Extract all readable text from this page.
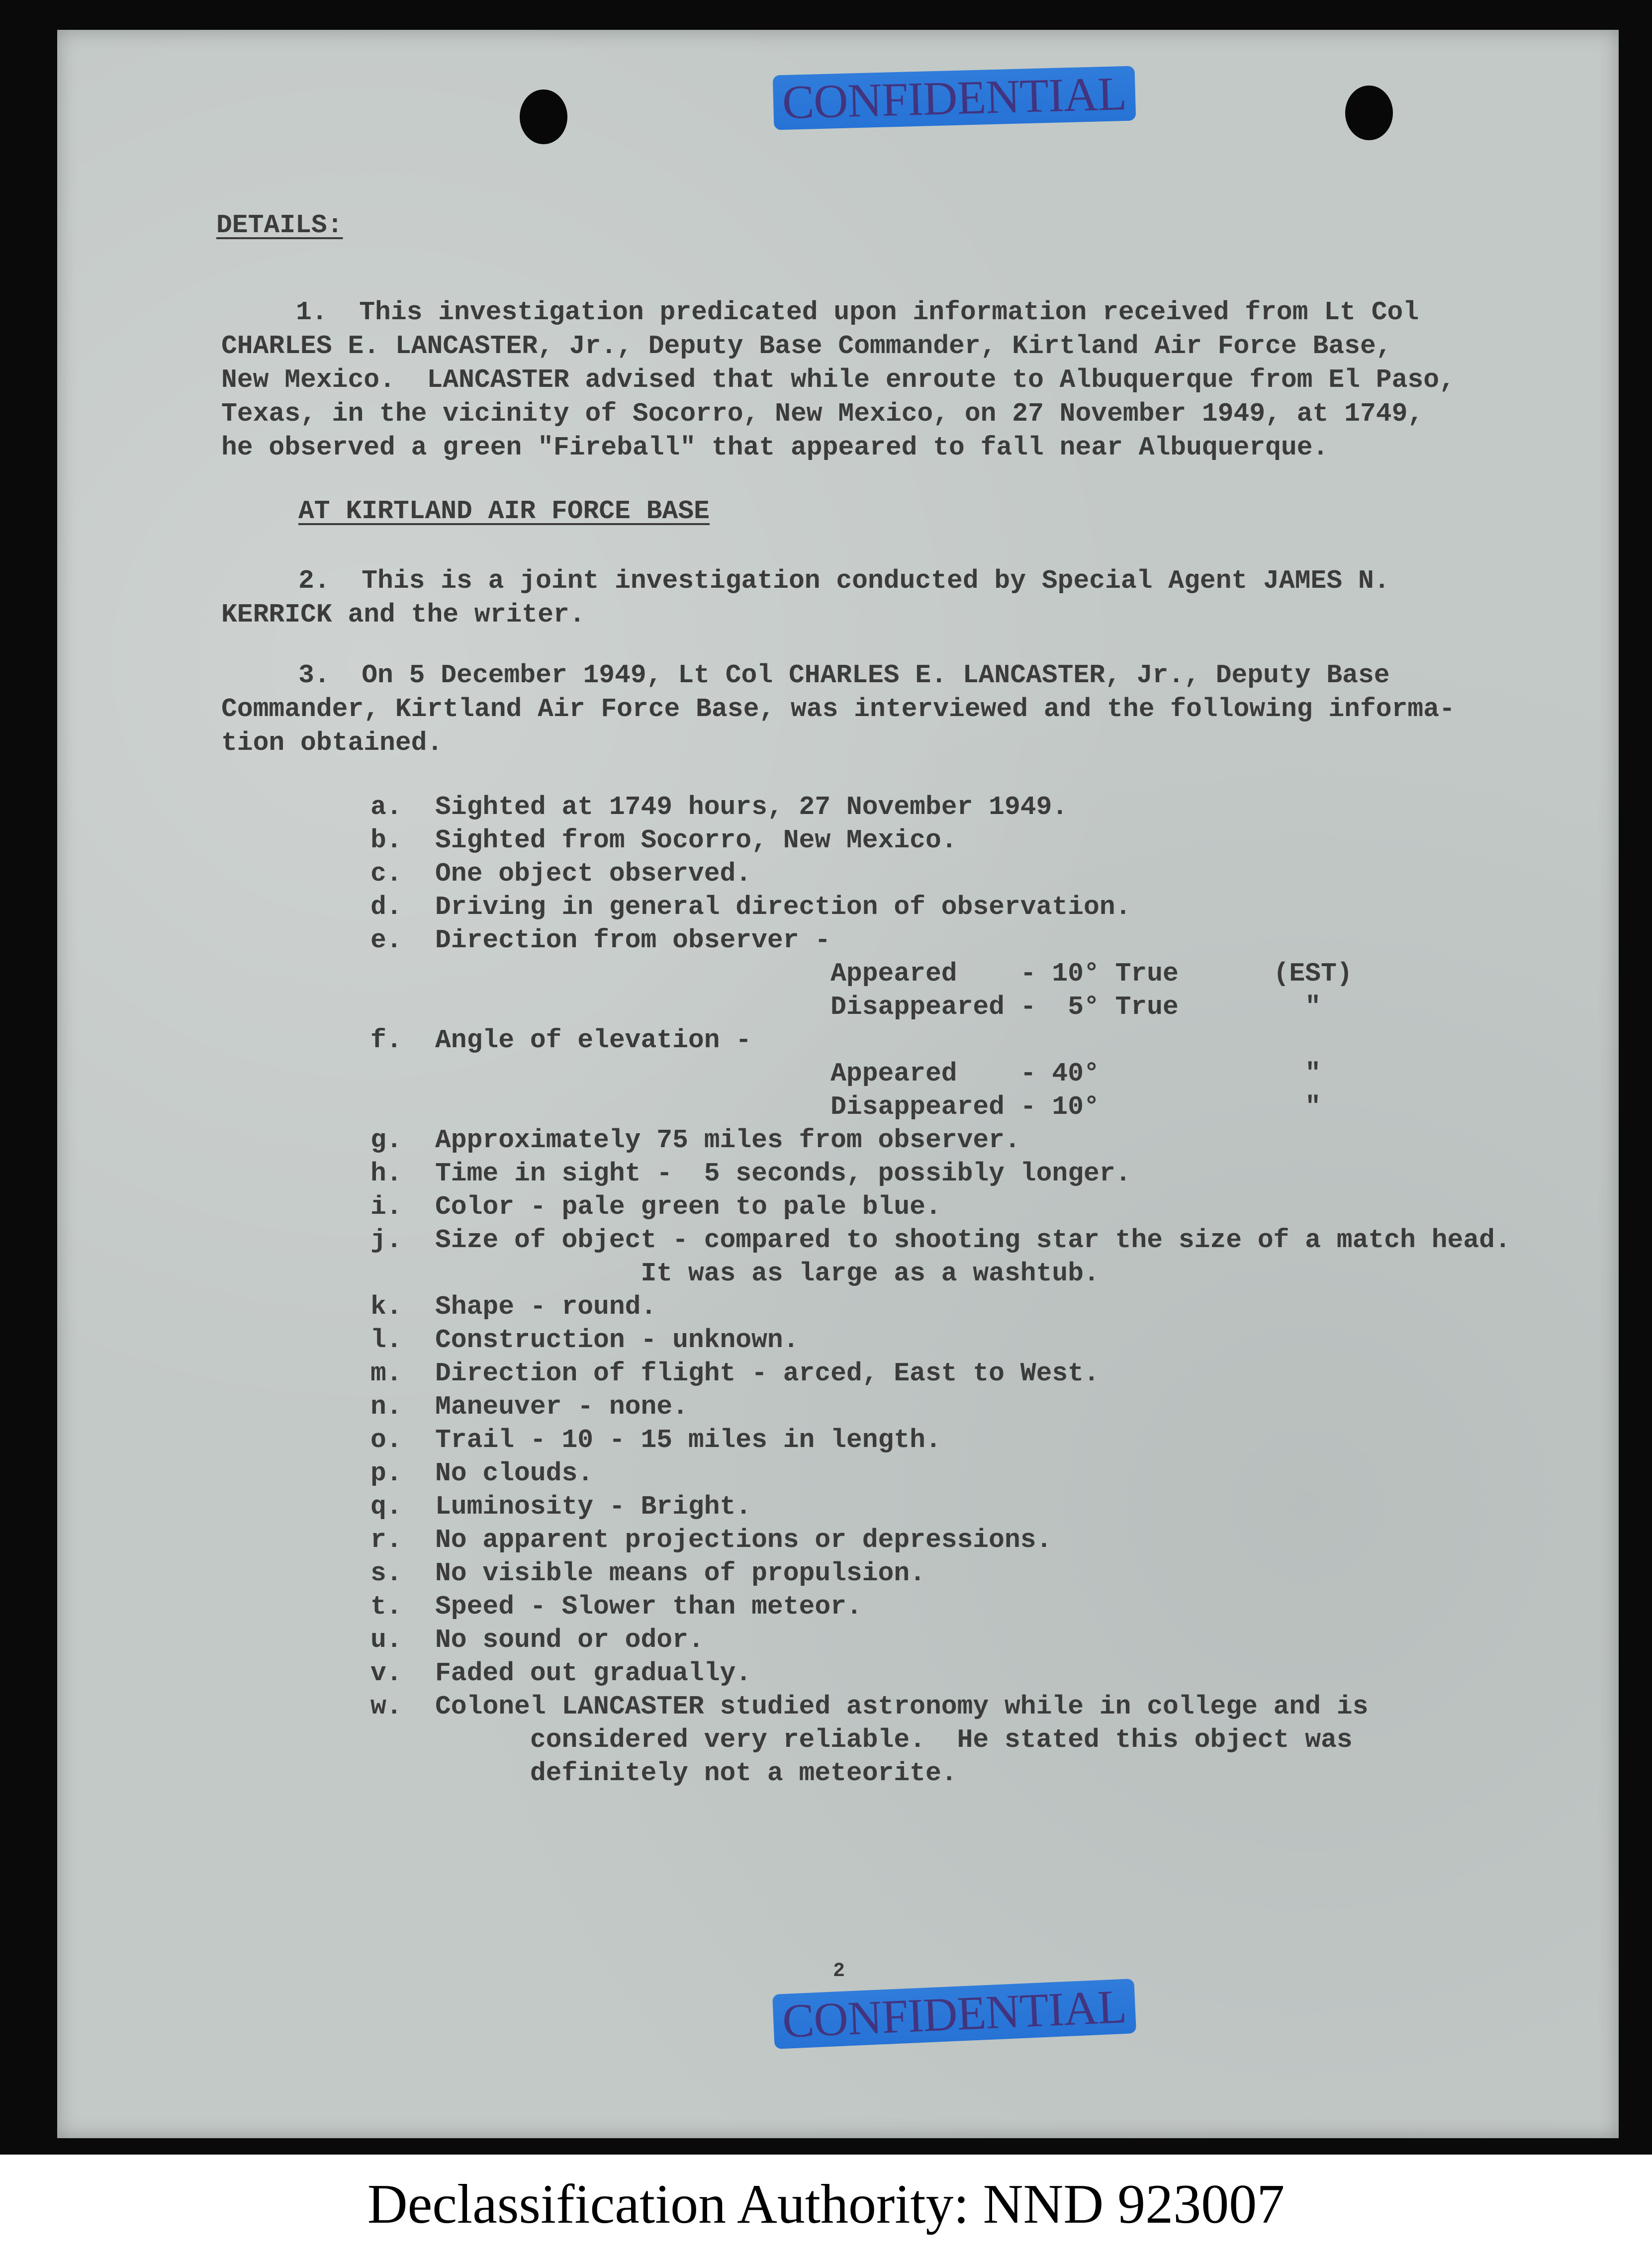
CONFIDENTIAL

DETAILS:

1.  This investigation predicated upon information received from Lt Col

CHARLES E. LANCASTER, Jr., Deputy Base Commander, Kirtland Air Force Base,

New Mexico.  LANCASTER advised that while enroute to Albuquerque from El Paso,

Texas, in the vicinity of Socorro, New Mexico, on 27 November 1949, at 1749,

he observed a green "Fireball" that appeared to fall near Albuquerque.

AT KIRTLAND AIR FORCE BASE

2.  This is a joint investigation conducted by Special Agent JAMES N.

KERRICK and the writer.

3.  On 5 December 1949, Lt Col CHARLES E. LANCASTER, Jr., Deputy Base

Commander, Kirtland Air Force Base, was interviewed and the following informa-

tion obtained.

a. Sighted at 1749 hours, 27 November 1949.

b. Sighted from Socorro, New Mexico.

c. One object observed.

d. Driving in general direction of observation.

e. Direction from observer -

Appeared    - 10° True      (EST)

Disappeared -  5° True        "

f. Angle of elevation -

Appeared    - 40°             "

Disappeared - 10°             "

g. Approximately 75 miles from observer.

h. Time in sight -  5 seconds, possibly longer.

i. Color - pale green to pale blue.

j. Size of object - compared to shooting star the size of a match head.

It was as large as a washtub.

k. Shape - round.

l. Construction - unknown.

m. Direction of flight - arced, East to West.

n. Maneuver - none.

o. Trail - 10 - 15 miles in length.

p. No clouds.

q. Luminosity - Bright.

r. No apparent projections or depressions.

s. No visible means of propulsion.

t. Speed - Slower than meteor.

u. No sound or odor.

v. Faded out gradually.

w. Colonel LANCASTER studied astronomy while in college and is

considered very reliable.  He stated this object was

definitely not a meteorite.

2

CONFIDENTIAL
Declassification Authority: NND 923007
